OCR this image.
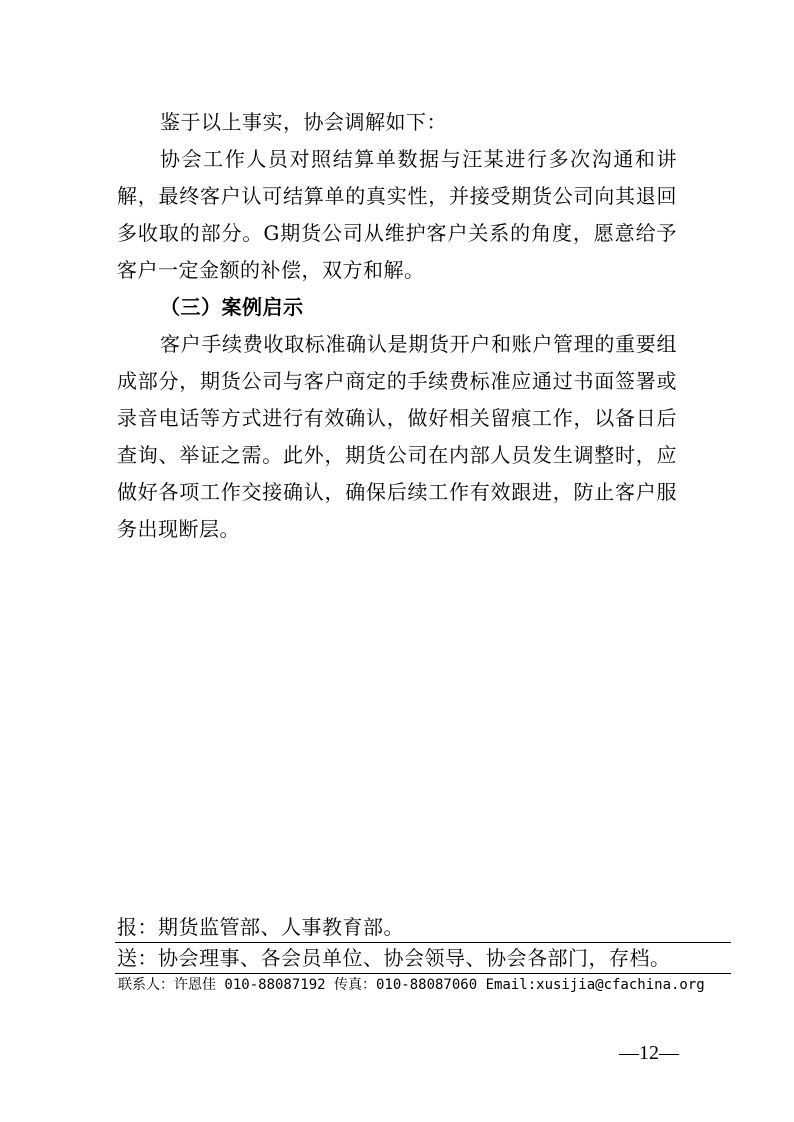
鉴于以上事实，协会调解如下：

协会工作人员对照结算单数据与汪某进行多次沟通和讲解，最终客户认可结算单的真实性，并接受期货公司向其退回多收取的部分。G期货公司从维护客户关系的角度，愿意给予客户一定金额的补偿，双方和解。

（三）案例启示

客户手续费收取标准确认是期货开户和账户管理的重要组成部分，期货公司与客户商定的手续费标准应通过书面签署或录音电话等方式进行有效确认，做好相关留痕工作，以备日后查询、举证之需。此外，期货公司在内部人员发生调整时，应做好各项工作交接确认，确保后续工作有效跟进，防止客户服务出现断层。

报：期货监管部、人事教育部。
送：协会理事、各会员单位、协会领导、协会各部门，存档。
联系人：许恩佳 010-88087192 传真：010-88087060 Email:xusijia@cfachina.org
—12—
